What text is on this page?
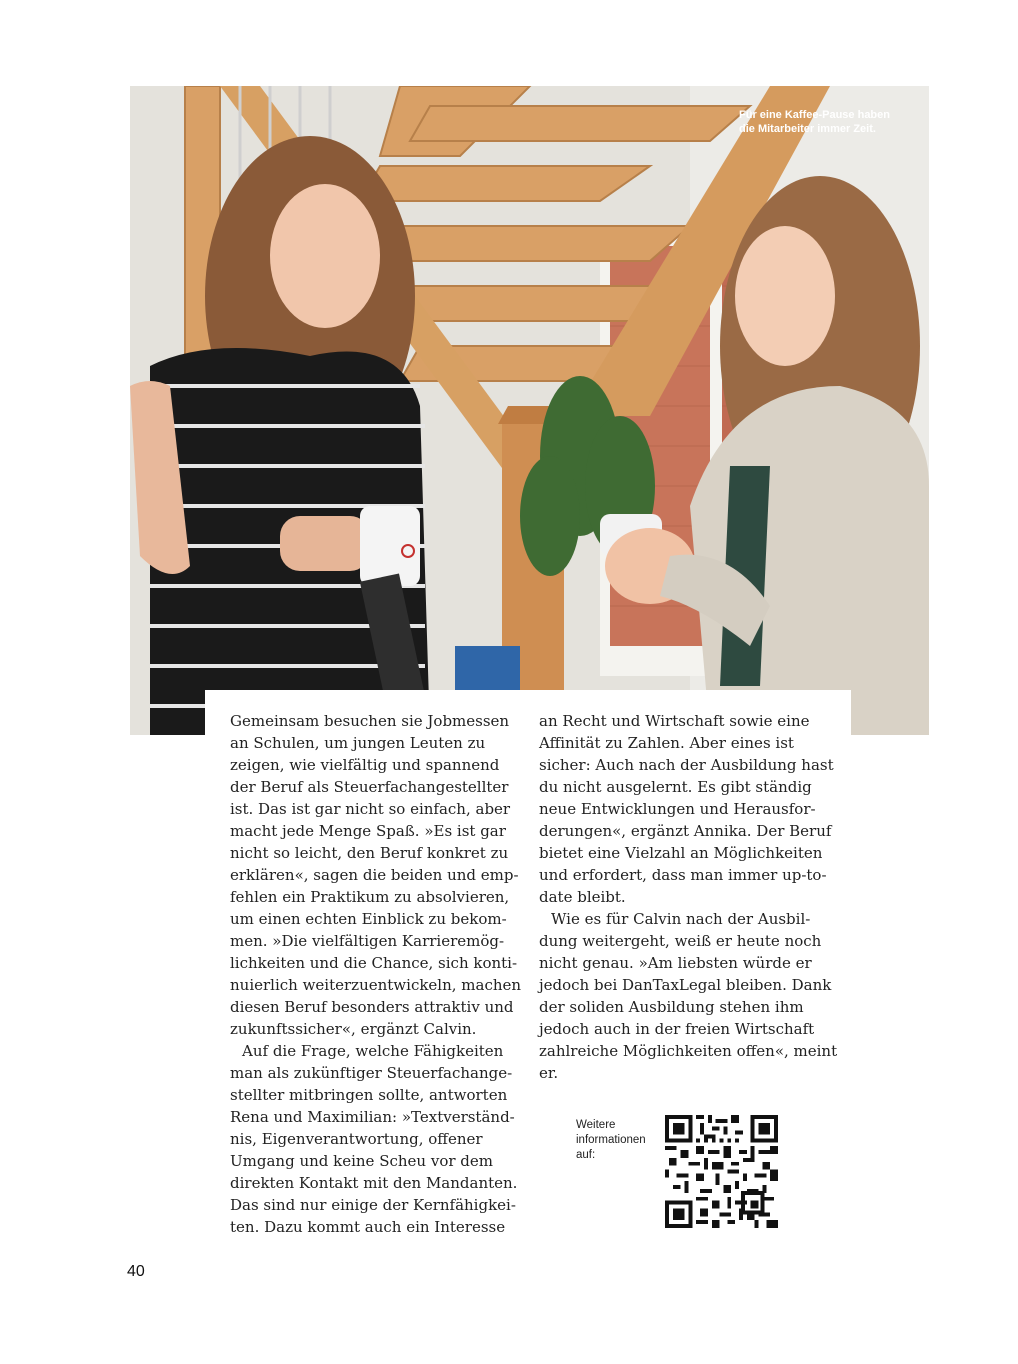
Für eine Kaffee-Pause haben
die Mitarbeiter immer Zeit.
Gemeinsam besuchen sie Jobmessen
an Schulen, um jungen Leuten zu
zeigen, wie vielfältig und spannend
der Beruf als Steuerfachangestellter
ist. Das ist gar nicht so einfach, aber
macht jede Menge Spaß. »Es ist gar
nicht so leicht, den Beruf konkret zu
erklären«, sagen die beiden und emp-
fehlen ein Praktikum zu absolvieren,
um einen echten Einblick zu bekom-
men. »Die vielfältigen Karrieremög-
lichkeiten und die Chance, sich konti-
nuierlich weiterzuentwickeln, machen
diesen Beruf besonders attraktiv und
zukunftssicher«, ergänzt Calvin.
Auf die Frage, welche Fähigkeiten
man als zukünftiger Steuerfachange-
stellter mitbringen sollte, antworten
Rena und Maximilian: »Textverständ-
nis, Eigenverantwortung, offener
Umgang und keine Scheu vor dem
direkten Kontakt mit den Mandanten.
Das sind nur einige der Kernfähigkei-
ten. Dazu kommt auch ein Interesse
an Recht und Wirtschaft sowie eine
Affinität zu Zahlen. Aber eines ist
sicher: Auch nach der Ausbildung hast
du nicht ausgelernt. Es gibt ständig
neue Entwicklungen und Herausfor-
derungen«, ergänzt Annika. Der Beruf
bietet eine Vielzahl an Möglichkeiten
und erfordert, dass man immer up-to-
date bleibt.
Wie es für Calvin nach der Ausbil-
dung weitergeht, weiß er heute noch
nicht genau. »Am liebsten würde er
jedoch bei DanTaxLegal bleiben. Dank
der soliden Ausbildung stehen ihm
jedoch auch in der freien Wirtschaft
zahlreiche Möglichkeiten offen«, meint
er.
Weitere
informationen
auf:
40
